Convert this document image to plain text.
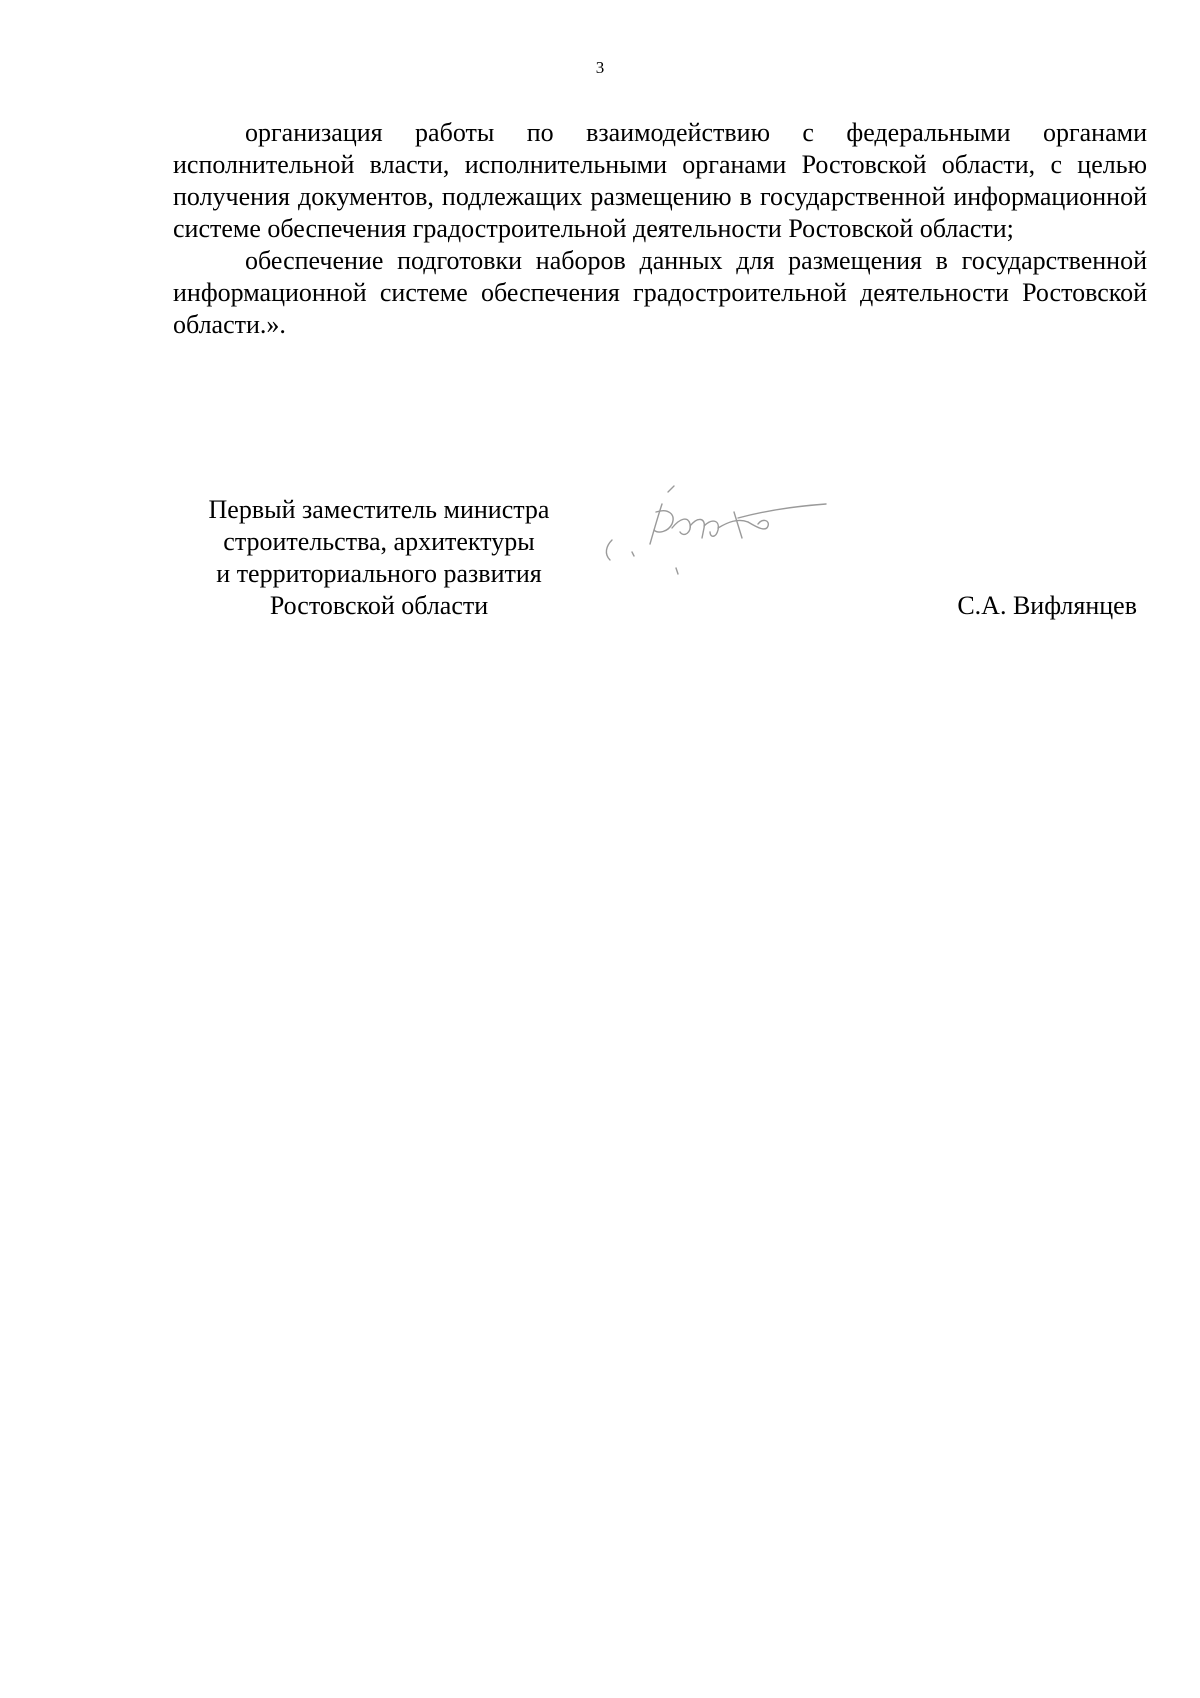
3

организация работы по взаимодействию с федеральными органами исполнительной власти, исполнительными органами Ростовской области, с целью получения документов, подлежащих размещению в государственной информационной системе обеспечения градостроительной деятельности Ростовской области;

обеспечение подготовки наборов данных для размещения в государственной информационной системе обеспечения градостроительной деятельности Ростовской области.».

Первый заместитель министра
строительства, архитектуры
и территориального развития
Ростовской области	С.А. Вифлянцев
